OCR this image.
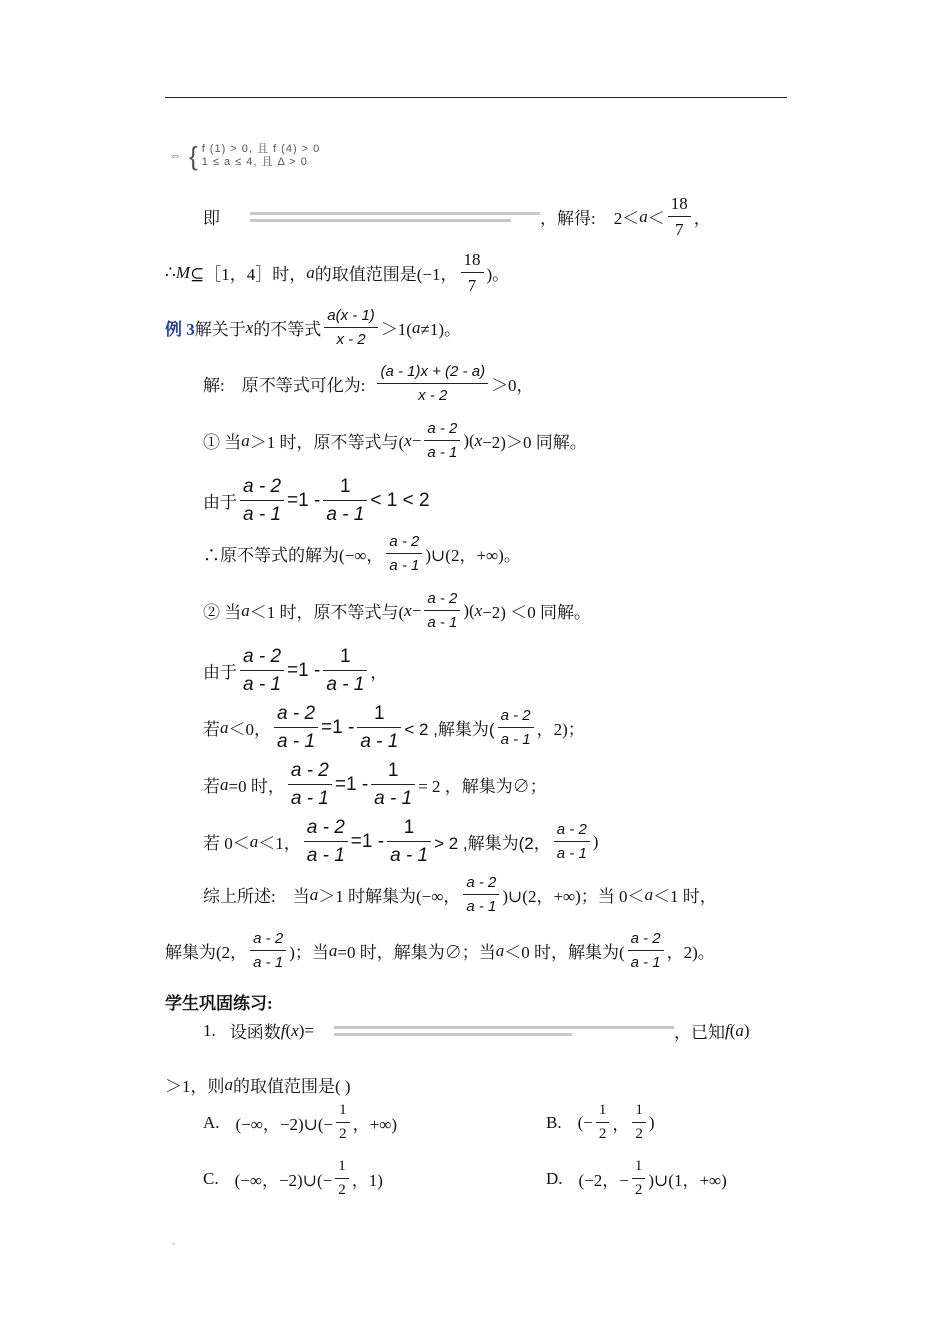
⇔ { f (1) > 0, 且 f (4) > 0
1 ≤ a ≤ 4, 且 Δ > 0
即	，解得: $2< a < \frac{18}{7}$ ，
∴ M ⊆［1，4］时， a 的取值范围是(−1， $\frac{18}{7}$ )。
例 3 解关于 x 的不等式 $\frac{a(x - 1)}{x - 2} >1$( a ≠1)。
解:　原不等式可化为: $\frac{(a - 1)x + (2 - a)}{x - 2} >0$，
① 当 a ＞1 时，原不等式与( $x - \frac{a - 2}{a - 1}$ )( x −2)＞0 同解。
由于 $\frac{a - 2}{a - 1} =1 - \frac{1}{a - 1} < 1 < 2$
∴原不等式的解为(−∞， $\frac{a - 2}{a - 1}$ )∪(2，+∞)。
② 当 a ＜1 时，原不等式与( $x - \frac{a - 2}{a - 1}$ )( x −2) ＜0 同解。
由于 $\frac{a - 2}{a - 1} =1 - \frac{1}{a - 1}$ ，
若 a ＜0， $\frac{a - 2}{a - 1} =1 - \frac{1}{a - 1} < 2$ ,解集为( $\frac{a - 2}{a - 1}$ ，2)；
若 a =0 时， $\frac{a - 2}{a - 1} =1 - \frac{1}{a - 1} = 2$ ，解集为∅；
若 0＜ a ＜1， $\frac{a - 2}{a - 1} =1 - \frac{1}{a - 1} > 2$ ,解集为(2， $\frac{a - 2}{a - 1}$ )
综上所述:　当 a ＞1 时解集为(−∞， $\frac{a - 2}{a - 1}$ )∪(2，+∞)；当 0＜ a ＜1 时，
解集为(2， $\frac{a - 2}{a - 1}$ )；当 a =0 时，解集为∅；当 a ＜0 时，解集为( $\frac{a - 2}{a - 1}$ ，2)。
学生巩固练习:
1. 设函数 f ( x )=	，已知 f ( a )
＞1，则 a 的取值范围是( )
A. (−∞，−2)∪(− $\frac{1}{2}$ ，+∞)	B. (− $\frac{1}{2}$ ， $\frac{1}{2}$ )
C. (−∞，−2)∪(− $\frac{1}{2}$ ，1)	D. (−2，− $\frac{1}{2}$ )∪(1，+∞)
。
